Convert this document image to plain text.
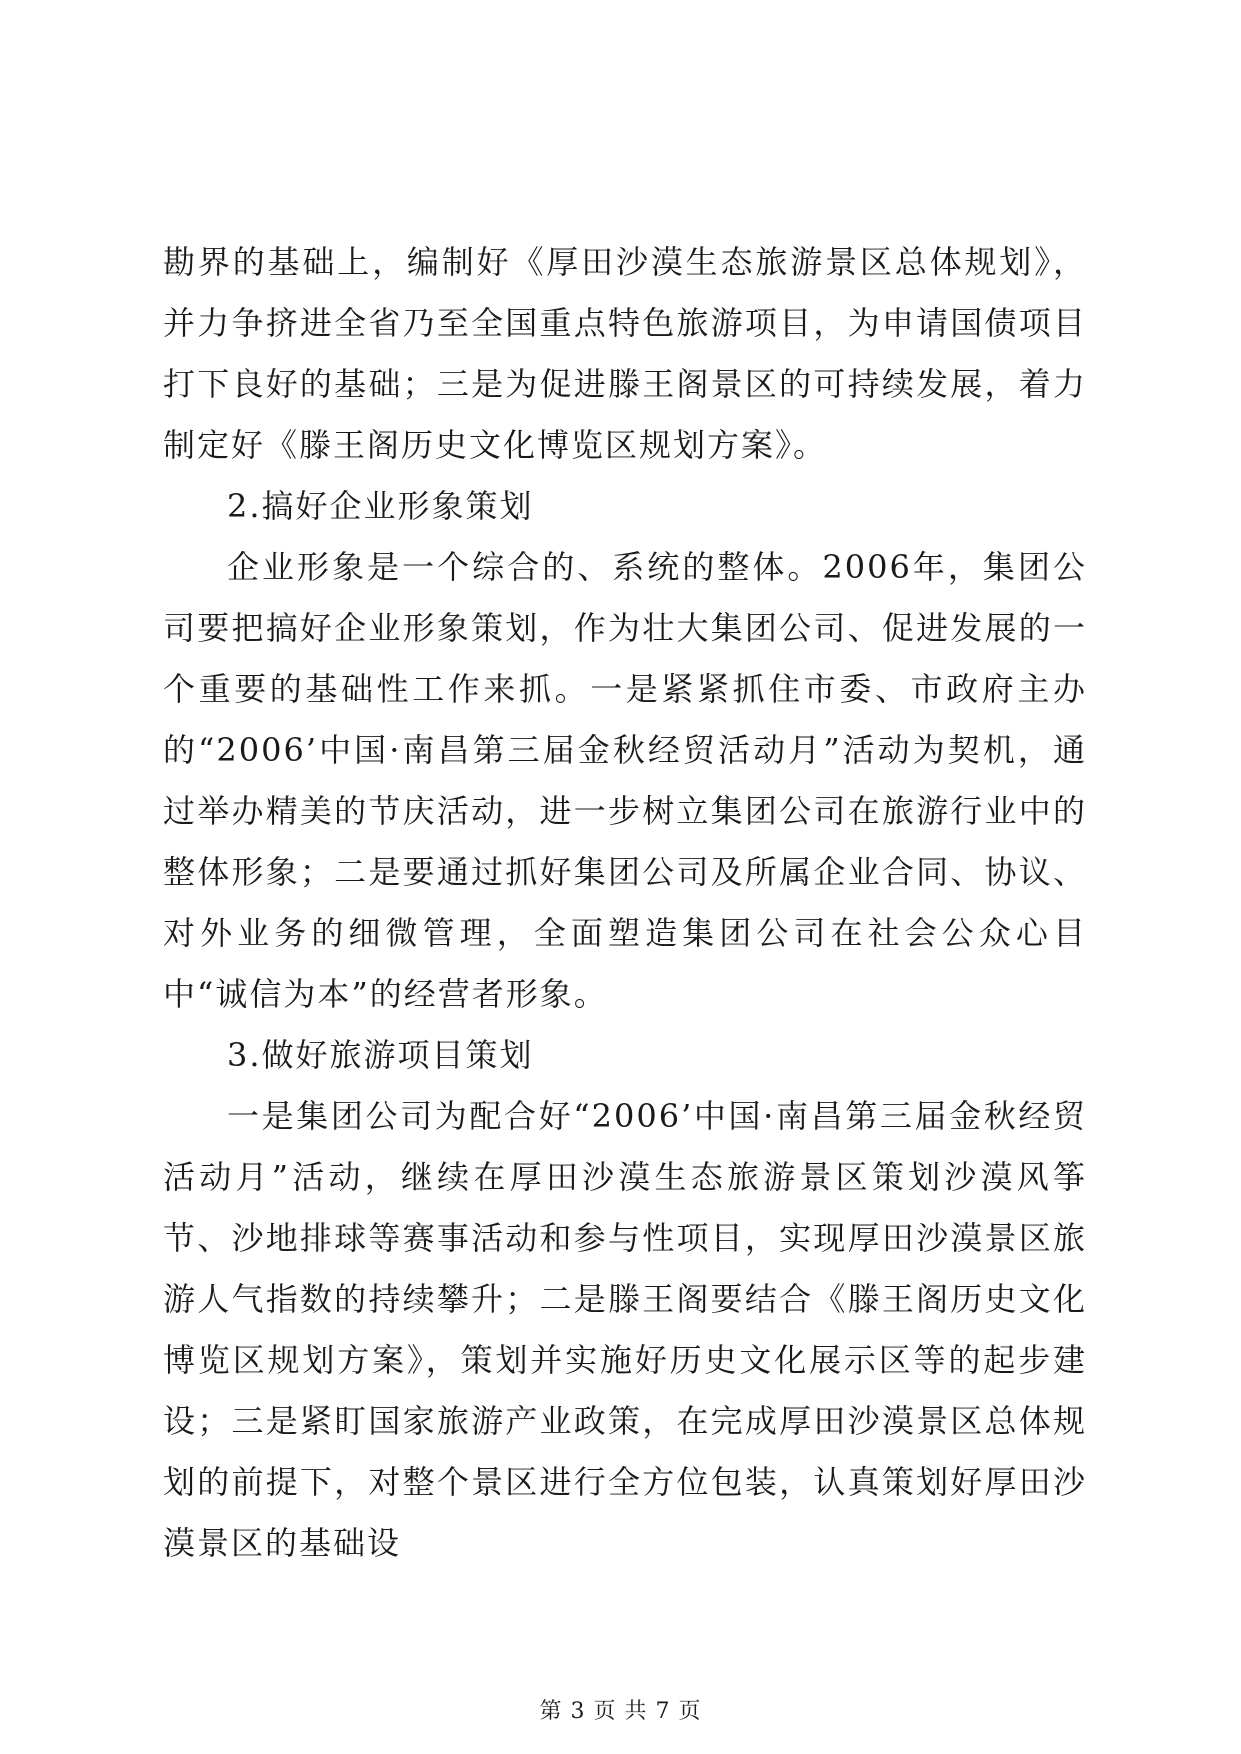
勘界的基础上，编制好《厚田沙漠生态旅游景区总体规划》，并力争挤进全省乃至全国重点特色旅游项目，为申请国债项目打下良好的基础；三是为促进滕王阁景区的可持续发展，着力制定好《滕王阁历史文化博览区规划方案》。

2.搞好企业形象策划

企业形象是一个综合的、系统的整体。2006年，集团公司要把搞好企业形象策划，作为壮大集团公司、促进发展的一个重要的基础性工作来抓。一是紧紧抓住市委、市政府主办的“2006’中国·南昌第三届金秋经贸活动月”活动为契机，通过举办精美的节庆活动，进一步树立集团公司在旅游行业中的整体形象；二是要通过抓好集团公司及所属企业合同、协议、对外业务的细微管理，全面塑造集团公司在社会公众心目中“诚信为本”的经营者形象。

3.做好旅游项目策划

一是集团公司为配合好“2006’中国·南昌第三届金秋经贸活动月”活动，继续在厚田沙漠生态旅游景区策划沙漠风筝节、沙地排球等赛事活动和参与性项目，实现厚田沙漠景区旅游人气指数的持续攀升；二是滕王阁要结合《滕王阁历史文化博览区规划方案》，策划并实施好历史文化展示区等的起步建设；三是紧盯国家旅游产业政策，在完成厚田沙漠景区总体规划的前提下，对整个景区进行全方位包装，认真策划好厚田沙漠景区的基础设

第 3 页 共 7 页
